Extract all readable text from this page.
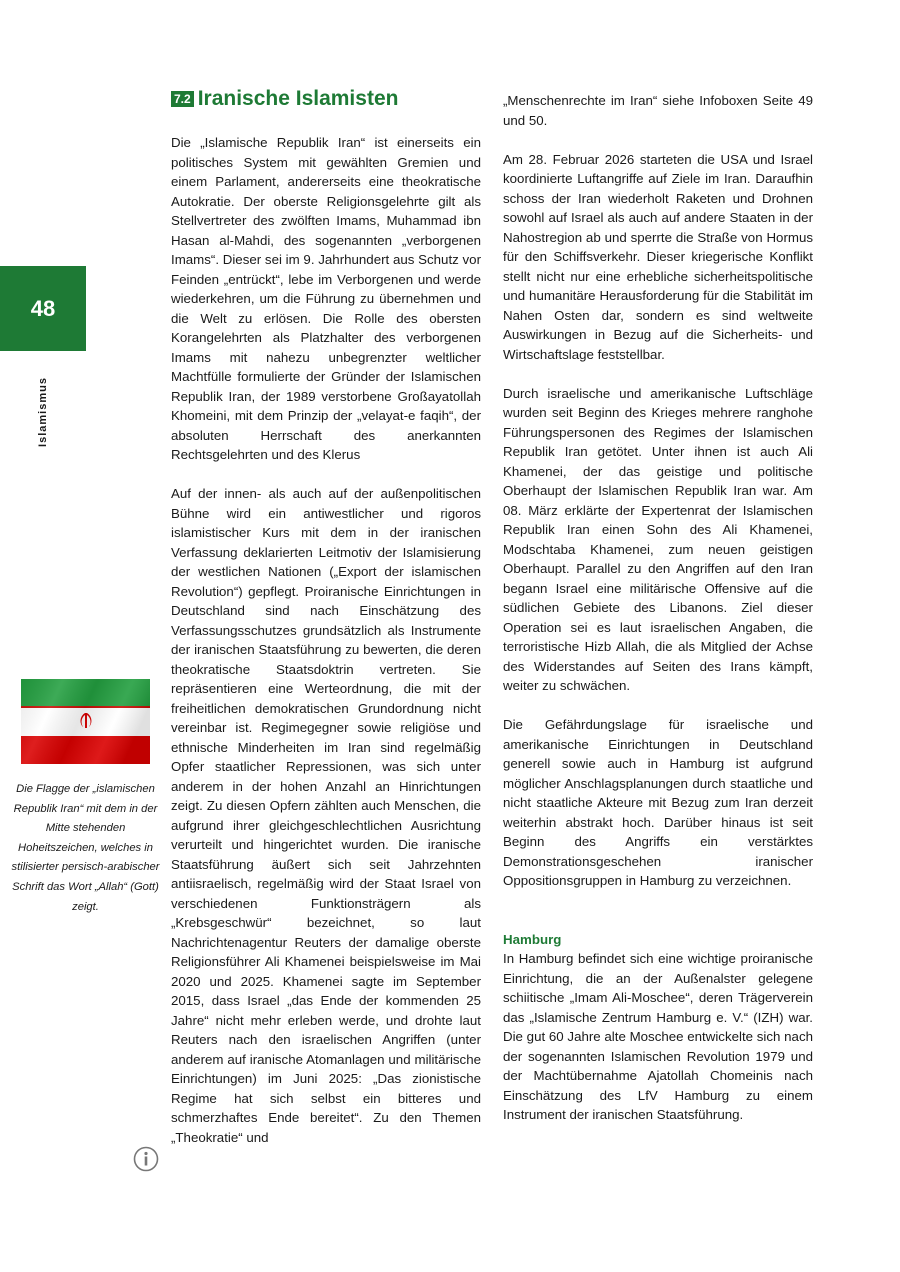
48
Islamismus
Die Flagge der „islamischen Republik Iran“ mit dem in der Mitte stehenden Hoheitszeichen, welches in stilisierter persisch-arabischer Schrift das Wort „Allah“ (Gott) zeigt.
7.2 Iranische Islamisten

Die „Islamische Republik Iran“ ist einerseits ein politisches System mit gewählten Gremien und einem Parlament, andererseits eine theokratische Autokratie. Der oberste Religionsgelehrte gilt als Stellvertreter des zwölften Imams, Muhammad ibn Hasan al-Mahdi, des sogenannten „verborgenen Imams“. Dieser sei im 9. Jahrhundert aus Schutz vor Feinden „entrückt“, lebe im Verborgenen und werde wiederkehren, um die Führung zu übernehmen und die Welt zu erlösen. Die Rolle des obersten Korangelehrten als Platzhalter des verborgenen Imams mit nahezu unbegrenzter weltlicher Machtfülle formulierte der Gründer der Islamischen Republik Iran, der 1989 verstorbene Großayatollah Khomeini, mit dem Prinzip der „velayat-e faqih“, der absoluten Herrschaft des anerkannten Rechtsgelehrten und des Klerus

Auf der innen- als auch auf der außenpolitischen Bühne wird ein antiwestlicher und rigoros islamistischer Kurs mit dem in der iranischen Verfassung deklarierten Leitmotiv der Islamisierung der westlichen Nationen („Export der islamischen Revolution“) gepflegt. Proiranische Einrichtungen in Deutschland sind nach Einschätzung des Verfassungsschutzes grundsätzlich als Instrumente der iranischen Staatsführung zu bewerten, die deren theokratische Staatsdoktrin vertreten. Sie repräsentieren eine Werteordnung, die mit der freiheitlichen demokratischen Grundordnung nicht vereinbar ist. Regimegegner sowie religiöse und ethnische Minderheiten im Iran sind regelmäßig Opfer staatlicher Repressionen, was sich unter anderem in der hohen Anzahl an Hinrichtungen zeigt. Zu diesen Opfern zählten auch Menschen, die aufgrund ihrer gleichgeschlechtlichen Ausrichtung verurteilt und hingerichtet wurden. Die iranische Staatsführung äußert sich seit Jahrzehnten antiisraelisch, regelmäßig wird der Staat Israel von verschiedenen Funktionsträgern als „Krebsgeschwür“ bezeichnet, so laut Nachrichtenagentur Reuters der damalige oberste Religionsführer Ali Khamenei beispielsweise im Mai 2020 und 2025. Khamenei sagte im September 2015, dass Israel „das Ende der kommenden 25 Jahre“ nicht mehr erleben werde, und drohte laut Reuters nach den israelischen Angriffen (unter anderem auf iranische Atomanlagen und militärische Einrichtungen) im Juni 2025: „Das zionistische Regime hat sich selbst ein bitteres und schmerzhaftes Ende bereitet“. Zu den Themen „Theokratie“ und

„Menschenrechte im Iran“ siehe Infoboxen Seite 49 und 50.

Am 28. Februar 2026 starteten die USA und Israel koordinierte Luftangriffe auf Ziele im Iran. Daraufhin schoss der Iran wiederholt Raketen und Drohnen sowohl auf Israel als auch auf andere Staaten in der Nahostregion ab und sperrte die Straße von Hormus für den Schiffsverkehr. Dieser kriegerische Konflikt stellt nicht nur eine erhebliche sicherheitspolitische und humanitäre Herausforderung für die Stabilität im Nahen Osten dar, sondern es sind weltweite Auswirkungen in Bezug auf die Sicherheits- und Wirtschaftslage feststellbar.

Durch israelische und amerikanische Luftschläge wurden seit Beginn des Krieges mehrere ranghohe Führungspersonen des Regimes der Islamischen Republik Iran getötet. Unter ihnen ist auch Ali Khamenei, der das geistige und politische Oberhaupt der Islamischen Republik Iran war. Am 08. März erklärte der Expertenrat der Islamischen Republik Iran einen Sohn des Ali Khamenei, Modschtaba Khamenei, zum neuen geistigen Oberhaupt. Parallel zu den Angriffen auf den Iran begann Israel eine militärische Offensive auf die südlichen Gebiete des Libanons. Ziel dieser Operation sei es laut israelischen Angaben, die terroristische Hizb Allah, die als Mitglied der Achse des Widerstandes auf Seiten des Irans kämpft, weiter zu schwächen.

Die Gefährdungslage für israelische und amerikanische Einrichtungen in Deutschland generell sowie auch in Hamburg ist aufgrund möglicher Anschlagsplanungen durch staatliche und nicht staatliche Akteure mit Bezug zum Iran derzeit weiterhin abstrakt hoch. Darüber hinaus ist seit Beginn des Angriffs ein verstärktes Demonstrationsgeschehen iranischer Oppositionsgruppen in Hamburg zu verzeichnen.

Hamburg

In Hamburg befindet sich eine wichtige proiranische Einrichtung, die an der Außenalster gelegene schiitische „Imam Ali-Moschee“, deren Trägerverein das „Islamische Zentrum Hamburg e. V.“ (IZH) war. Die gut 60 Jahre alte Moschee entwickelte sich nach der sogenannten Islamischen Revolution 1979 und der Machtübernahme Ajatollah Chomeinis nach Einschätzung des LfV Hamburg zu einem Instrument der iranischen Staatsführung.
